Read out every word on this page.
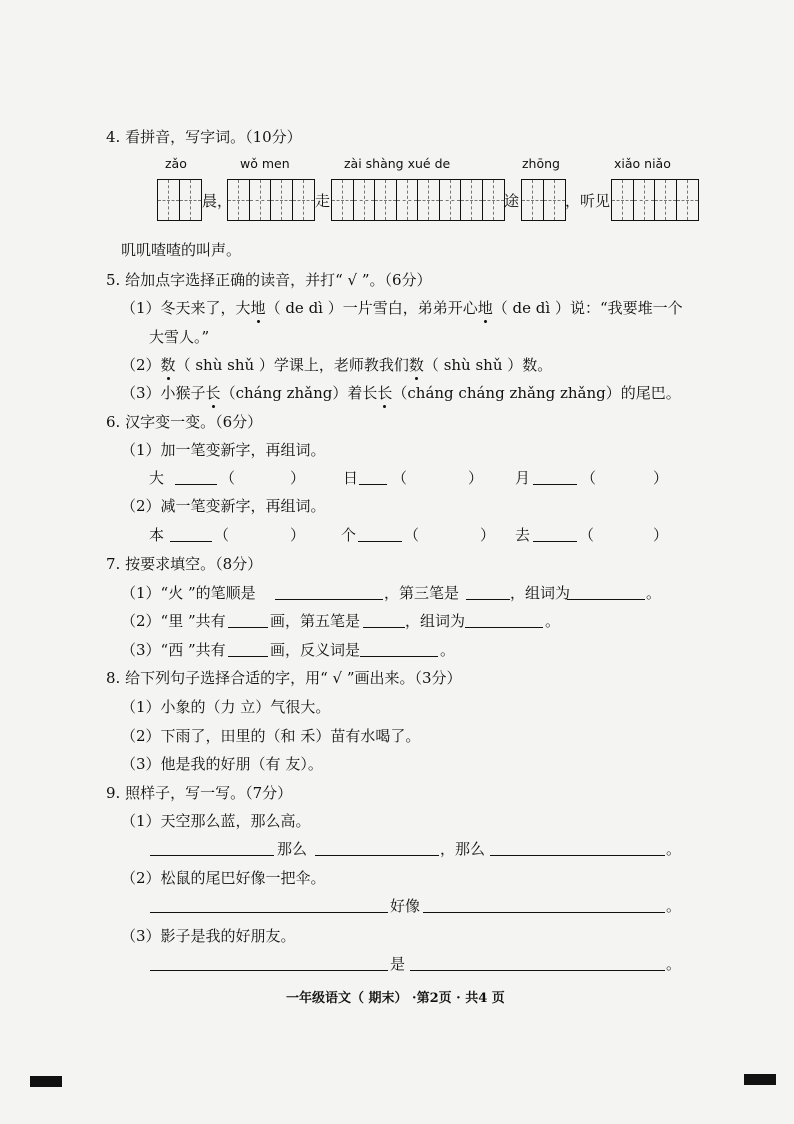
4. 看拼音，写字词。（10分）
zǎo	wǒ men	zài shàng xué de	zhōng	xiǎo niǎo
晨，	走	途	，听见
叽叽喳喳的叫声。
5. 给加点字选择正确的读音，并打“ √ ”。（6分）
（1）冬天来了，大地（ de dì ）一片雪白，弟弟开心地（ de dì ）说：“我要堆一个
大雪人。”
（2）数（ shù shǔ ）学课上，老师教我们数（ shù shǔ ）数。
（3）小猴子长（cháng zhǎng）着长长（cháng cháng zhǎng zhǎng）的尾巴。
6. 汉字变一变。（6分）
（1）加一笔变新字，再组词。
大	（	）	日 （	） 月	（	）
（2）减一笔变新字，再组词。
本	（	） 个	（	） 去	（	）
7. 按要求填空。（8分）
（1）“火 ”的笔顺是	，第三笔是	，组词为	。
（2）“里 ”共有	画，第五笔是	，组词为	。
（3）“西 ”共有	画，反义词是	。
8. 给下列句子选择合适的字，用“ √ ”画出来。（3分）
（1）小象的（力 立）气很大。
（2）下雨了，田里的（和 禾）苗有水喝了。
（3）他是我的好朋（有 友）。
9. 照样子，写一写。（7分）
（1）天空那么蓝，那么高。
那么	，那么	。
（2）松鼠的尾巴好像一把伞。
好像	。
（3）影子是我的好朋友。
是	。
一年级语文（ 期末） ·第2页 · 共4 页
